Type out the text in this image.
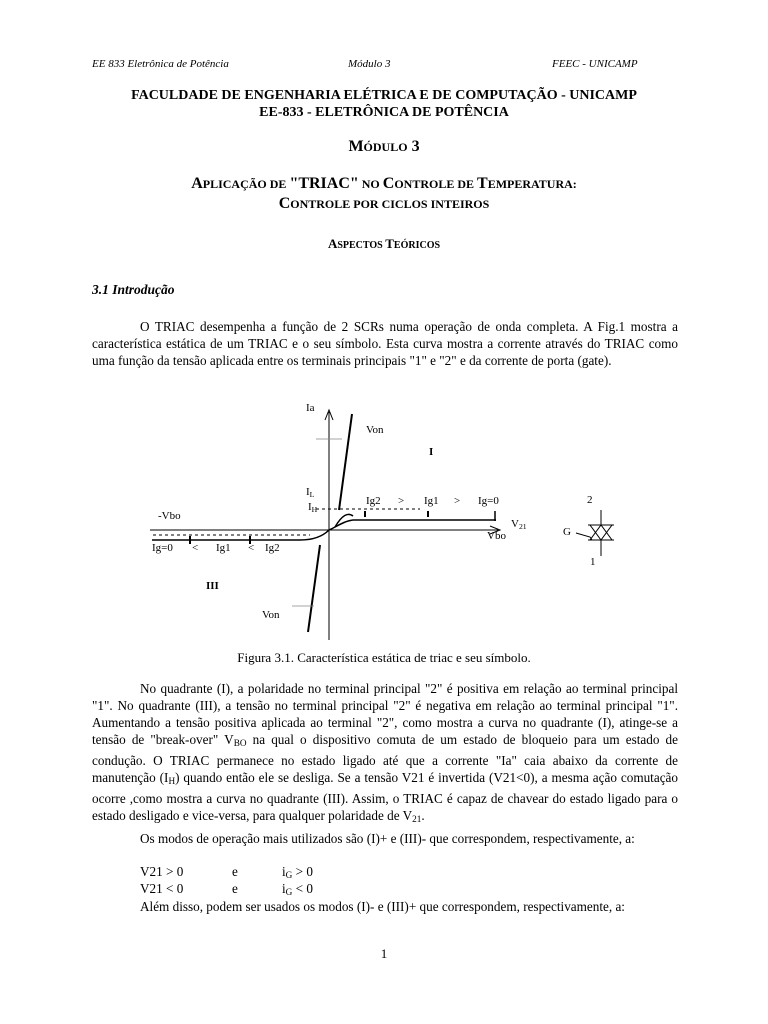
EE 833 Eletrônica de Potência	Módulo 3	FEEC - UNICAMP
FACULDADE DE ENGENHARIA ELÉTRICA E DE COMPUTAÇÃO - UNICAMP
EE-833 - ELETRÔNICA DE POTÊNCIA
MÓDULO 3
APLICAÇÃO DE "TRIAC" NO CONTROLE DE TEMPERATURA:
CONTROLE POR CICLOS INTEIROS
ASPECTOS TEÓRICOS
3.1 Introdução
O TRIAC desempenha a função de 2 SCRs numa operação de onda completa. A Fig.1 mostra a característica estática de um TRIAC e o seu símbolo. Esta curva mostra a corrente através do TRIAC como uma função da tensão aplicada entre os terminais principais "1" e "2" e da corrente de porta (gate).
Ia
Von
I
$I_L$
$I_H$
Ig2 > Ig1 > Ig=0
-Vbo
$V_{21}$
Vbo
Ig=0 < Ig1 < Ig2
III
Von
2
G
1
Figura 3.1. Característica estática de triac e seu símbolo.
No quadrante (I), a polaridade no terminal principal "2" é positiva em relação ao terminal principal "1". No quadrante (III), a tensão no terminal principal "2" é negativa em relação ao terminal principal "1". Aumentando a tensão positiva aplicada ao terminal "2", como mostra a curva no quadrante (I), atinge-se a tensão de "break-over" $V_{BO}$ na qual o dispositivo comuta de um estado de bloqueio para um estado de condução. O TRIAC permanece no estado ligado até que a corrente "Ia" caia abaixo da corrente de manutenção $(I_H)$ quando então ele se desliga. Se a tensão V21 é invertida (V21<0), a mesma ação comutação ocorre ,como mostra a curva no quadrante (III). Assim, o TRIAC é capaz de chavear do estado ligado para o estado desligado e vice-versa, para qualquer polaridade de $V_{21}$.
Os modos de operação mais utilizados são (I)+ e (III)- que correspondem, respectivamente, a:
V21 > 0	e	$i_G > 0$
V21 < 0	e	$i_G < 0$
Além disso, podem ser usados os modos (I)- e (III)+ que correspondem, respectivamente, a:
1
